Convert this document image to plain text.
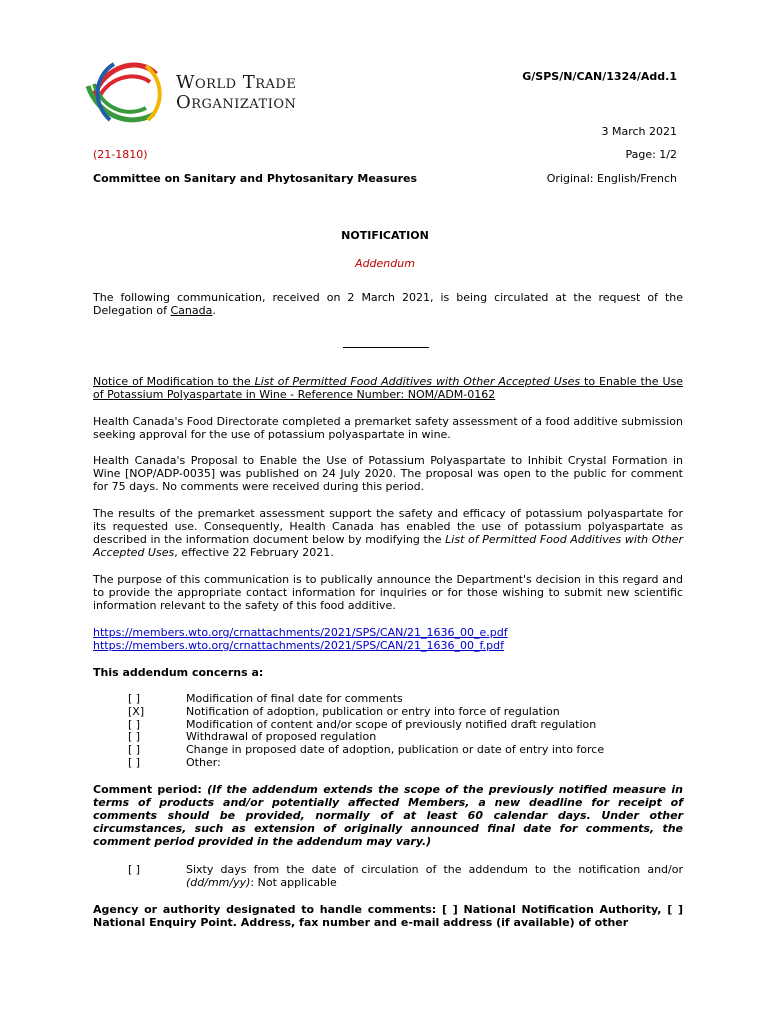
World Trade
Organization
G/SPS/N/CAN/1324/Add.1
3 March 2021
(21-1810)	Page: 1/2
Committee on Sanitary and Phytosanitary Measures	Original: English/French
NOTIFICATION
Addendum
The following communication, received on 2 March 2021, is being circulated at the request of the Delegation of Canada.
Notice of Modification to the List of Permitted Food Additives with Other Accepted Uses to Enable the Use of Potassium Polyaspartate in Wine - Reference Number: NOM/ADM-0162
Health Canada's Food Directorate completed a premarket safety assessment of a food additive submission seeking approval for the use of potassium polyaspartate in wine.
Health Canada's Proposal to Enable the Use of Potassium Polyaspartate to Inhibit Crystal Formation in Wine [NOP/ADP-0035] was published on 24 July 2020. The proposal was open to the public for comment for 75 days. No comments were received during this period.
The results of the premarket assessment support the safety and efficacy of potassium polyaspartate for its requested use. Consequently, Health Canada has enabled the use of potassium polyaspartate as described in the information document below by modifying the List of Permitted Food Additives with Other Accepted Uses, effective 22 February 2021.
The purpose of this communication is to publically announce the Department's decision in this regard and to provide the appropriate contact information for inquiries or for those wishing to submit new scientific information relevant to the safety of this food additive.
https://members.wto.org/crnattachments/2021/SPS/CAN/21_1636_00_e.pdf
https://members.wto.org/crnattachments/2021/SPS/CAN/21_1636_00_f.pdf
This addendum concerns a:
[ ]	Modification of final date for comments
[X]	Notification of adoption, publication or entry into force of regulation
[ ]	Modification of content and/or scope of previously notified draft regulation
[ ]	Withdrawal of proposed regulation
[ ]	Change in proposed date of adoption, publication or date of entry into force
[ ]	Other:
Comment period: (If the addendum extends the scope of the previously notified measure in terms of products and/or potentially affected Members, a new deadline for receipt of comments should be provided, normally of at least 60 calendar days. Under other circumstances, such as extension of originally announced final date for comments, the comment period provided in the addendum may vary.)
[ ]	Sixty days from the date of circulation of the addendum to the notification and/or (dd/mm/yy): Not applicable
Agency or authority designated to handle comments: [ ] National Notification Authority, [ ] National Enquiry Point. Address, fax number and e-mail address (if available) of other
